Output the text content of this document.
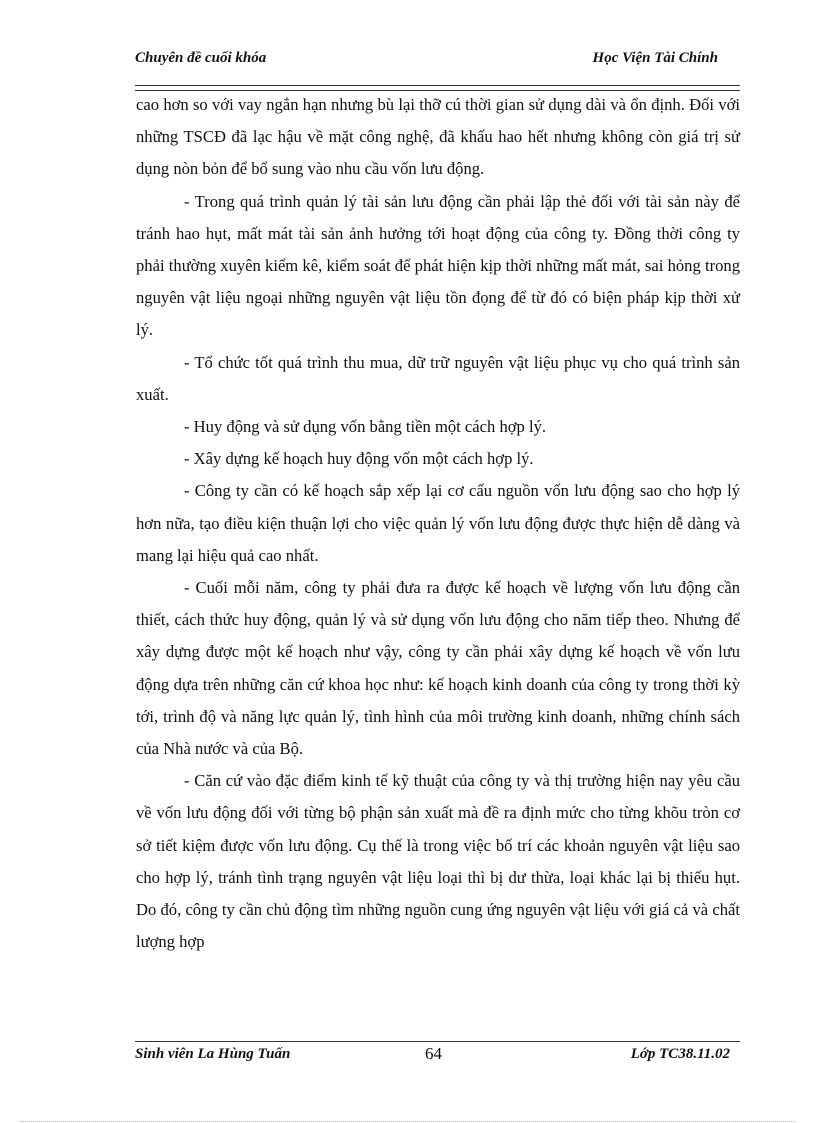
Chuyên đề cuối khóa	Học Viện Tài Chính

cao hơn so với vay ngắn hạn nhưng bù lại thỡ cú thời gian sử dụng dài và ổn định. Đối với những TSCĐ đã lạc hậu về mặt công nghệ, đã khấu hao hết nhưng không còn giá trị sử dụng nòn bỏn để bổ sung vào nhu cầu vốn lưu động.

- Trong quá trình quản lý tài sản lưu động cần phải lập thẻ đối với tài sản này để tránh hao hụt, mất mát tài sản ảnh hưởng tới hoạt động của công ty. Đồng thời công ty phải thường xuyên kiểm kê, kiểm soát để phát hiện kịp thời những mất mát, sai hỏng trong nguyên vật liệu ngoại những nguyên vật liệu tồn đọng để từ đó có biện pháp kịp thời xử lý.

- Tổ chức tốt quá trình thu mua, dữ trữ nguyên vật liệu phục vụ cho quá trình sản xuất.

- Huy động và sử dụng vốn bằng tiền một cách hợp lý.

- Xây dựng kế hoạch huy động vốn một cách hợp lý.

- Công ty cần có kế hoạch sắp xếp lại cơ cấu nguồn vốn lưu động sao cho hợp lý hơn nữa, tạo điều kiện thuận lợi cho việc quản lý vốn lưu động được thực hiện dễ dàng và mang lại hiệu quả cao nhất.

- Cuối mỗi năm, công ty phải đưa ra được kế hoạch về lượng vốn lưu động cần thiết, cách thức huy động, quản lý và sử dụng vốn lưu động cho năm tiếp theo. Nhưng để xây dựng được một kế hoạch như vậy, công ty cần phải xây dựng kế hoạch về vốn lưu động dựa trên những căn cứ khoa học như: kế hoạch kinh doanh của công ty trong thời kỳ tới, trình độ và năng lực quản lý, tình hình của môi trường kinh doanh, những chính sách của Nhà nước và của Bộ.

- Căn cứ vào đặc điểm kinh tế kỹ thuật của công ty và thị trường hiện nay yêu cầu về vốn lưu động đối với từng bộ phận sản xuất mà đề ra định mức cho từng khõu tròn cơ sở tiết kiệm được vốn lưu động. Cụ thể là trong việc bố trí các khoản nguyên vật liệu sao cho hợp lý, tránh tình trạng nguyên vật liệu loại thì bị dư thừa, loại khác lại bị thiếu hụt. Do đó, công ty cần chủ động tìm những nguồn cung ứng nguyên vật liệu với giá cả và chất lượng hợp

Sinh viên La Hùng Tuấn	64	Lớp TC38.11.02
